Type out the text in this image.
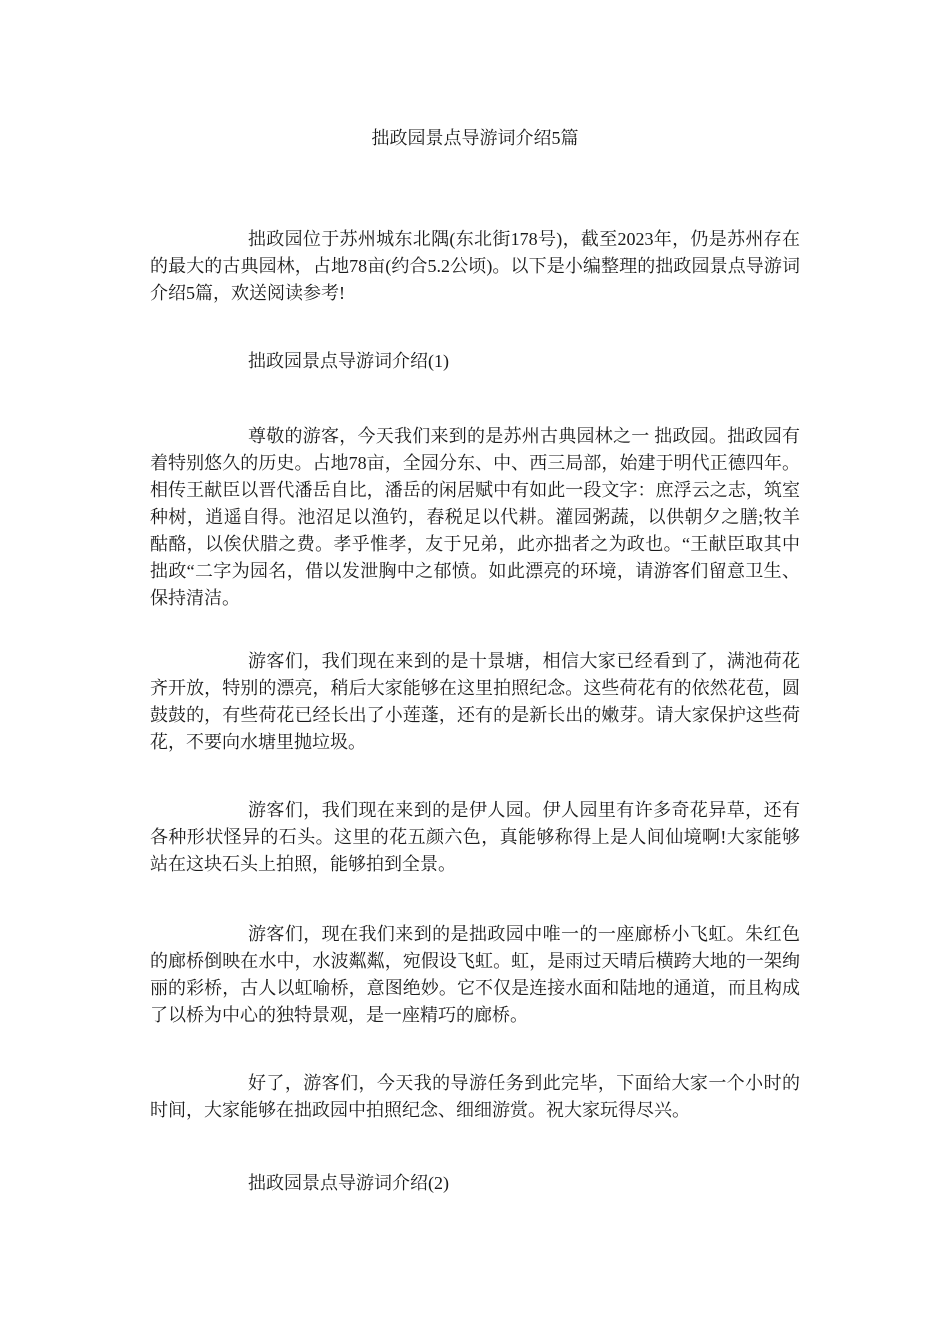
拙政园景点导游词介绍5篇

拙政园位于苏州城东北隅(东北街178号)，截至2023年，仍是苏州存在的最大的古典园林，占地78亩(约合5.2公顷)。以下是小编整理的拙政园景点导游词介绍5篇，欢送阅读参考!

拙政园景点导游词介绍(1)

尊敬的游客，今天我们来到的是苏州古典园林之一 拙政园。拙政园有着特别悠久的历史。占地78亩，全园分东、中、西三局部，始建于明代正德四年。相传王献臣以晋代潘岳自比，潘岳的闲居赋中有如此一段文字：庶浮云之志，筑室种树，逍遥自得。池沼足以渔钓，舂税足以代耕。灌园粥蔬，以供朝夕之膳;牧羊酤酪，以俟伏腊之费。孝乎惟孝，友于兄弟，此亦拙者之为政也。“王献臣取其中拙政“二字为园名，借以发泄胸中之郁愤。如此漂亮的环境，请游客们留意卫生、保持清洁。

游客们，我们现在来到的是十景塘，相信大家已经看到了，满池荷花齐开放，特别的漂亮，稍后大家能够在这里拍照纪念。这些荷花有的依然花苞，圆鼓鼓的，有些荷花已经长出了小莲蓬，还有的是新长出的嫩芽。请大家保护这些荷花，不要向水塘里抛垃圾。

游客们，我们现在来到的是伊人园。伊人园里有许多奇花异草，还有各种形状怪异的石头。这里的花五颜六色，真能够称得上是人间仙境啊!大家能够站在这块石头上拍照，能够拍到全景。

游客们，现在我们来到的是拙政园中唯一的一座廊桥小飞虹。朱红色的廊桥倒映在水中，水波粼粼，宛假设飞虹。虹，是雨过天晴后横跨大地的一架绚丽的彩桥，古人以虹喻桥，意图绝妙。它不仅是连接水面和陆地的通道，而且构成了以桥为中心的独特景观，是一座精巧的廊桥。

好了，游客们，今天我的导游任务到此完毕，下面给大家一个小时的时间，大家能够在拙政园中拍照纪念、细细游赏。祝大家玩得尽兴。

拙政园景点导游词介绍(2)
